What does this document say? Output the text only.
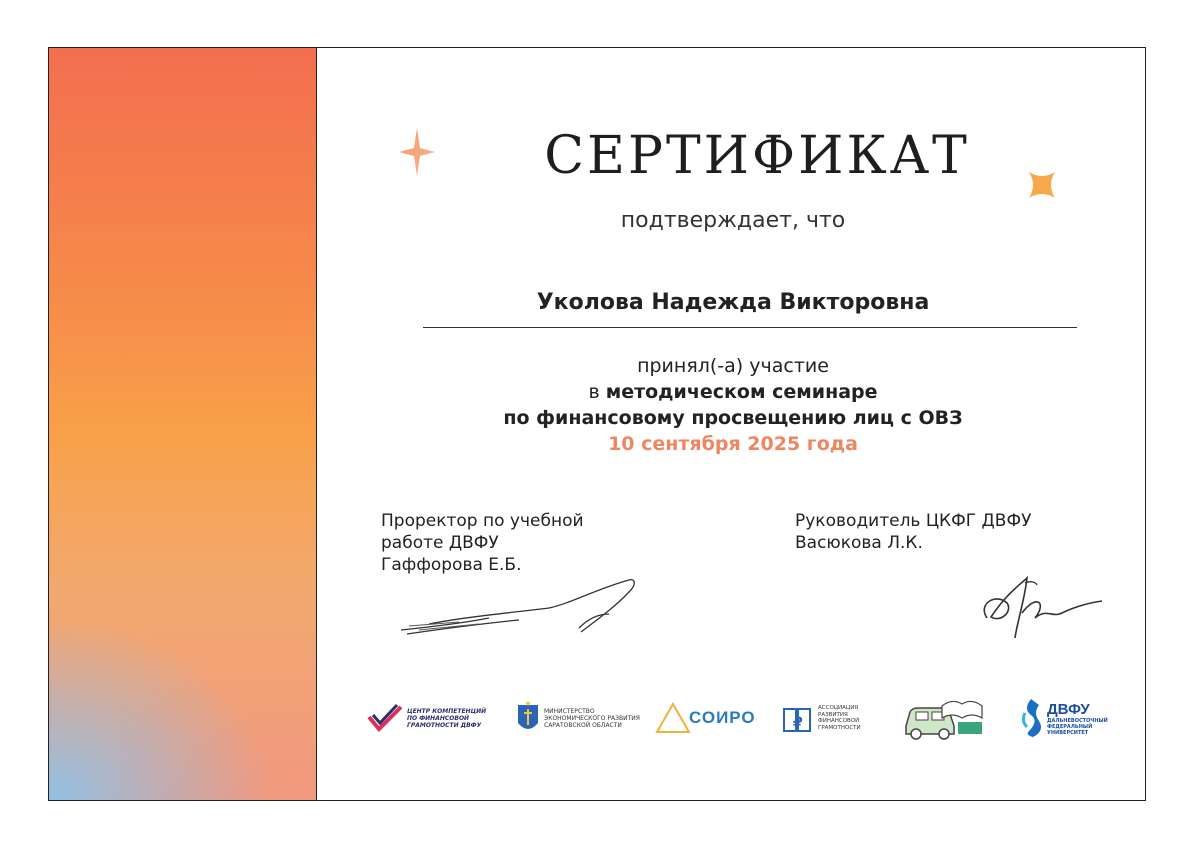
СЕРТИФИКАТ
подтверждает, что
Уколова Надежда Викторовна
принял(-а) участие
в методическом семинаре
по финансовому просвещению лиц с ОВЗ
10 сентября 2025 года
Проректор по учебной
работе ДВФУ
Гаффорова Е.Б.
Руководитель ЦКФГ ДВФУ
Васюкова Л.К.
ЦЕНТР КОМПЕТЕНЦИЙ
ПО ФИНАНСОВОЙ
ГРАМОТНОСТИ ДВФУ
МИНИСТЕРСТВО
ЭКОНОМИЧЕСКОГО РАЗВИТИЯ
САРАТОВСКОЙ ОБЛАСТИ	СОИРО	₽
АССОЦИАЦИЯ
РАЗВИТИЯ
ФИНАНСОВОЙ
ГРАМОТНОСТИ
ДВФУ
ДАЛЬНЕВОСТОЧНЫЙ
ФЕДЕРАЛЬНЫЙ
УНИВЕРСИТЕТ
